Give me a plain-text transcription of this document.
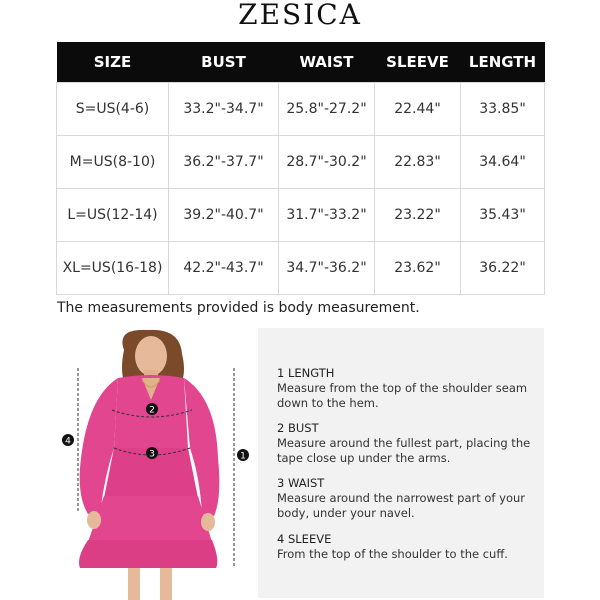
ZESICA
SIZE	BUST	WAIST	SLEEVE	LENGTH
S=US(4-6)	33.2"-34.7"	25.8"-27.2"	22.44"	33.85"
M=US(8-10)	36.2"-37.7"	28.7"-30.2"	22.83"	34.64"
L=US(12-14)	39.2"-40.7"	31.7"-33.2"	23.22"	35.43"
XL=US(16-18)	42.2"-43.7"	34.7"-36.2"	23.62"	36.22"
The measurements provided is body measurement.
2
3
4
1
1 LENGTH
Measure from the top of the shoulder seam down to the hem.
2 BUST
Measure around the fullest part, placing the tape close up under the arms.
3 WAIST
Measure around the narrowest part of your body, under your navel.
4 SLEEVE
From the top of the shoulder to the cuff.
